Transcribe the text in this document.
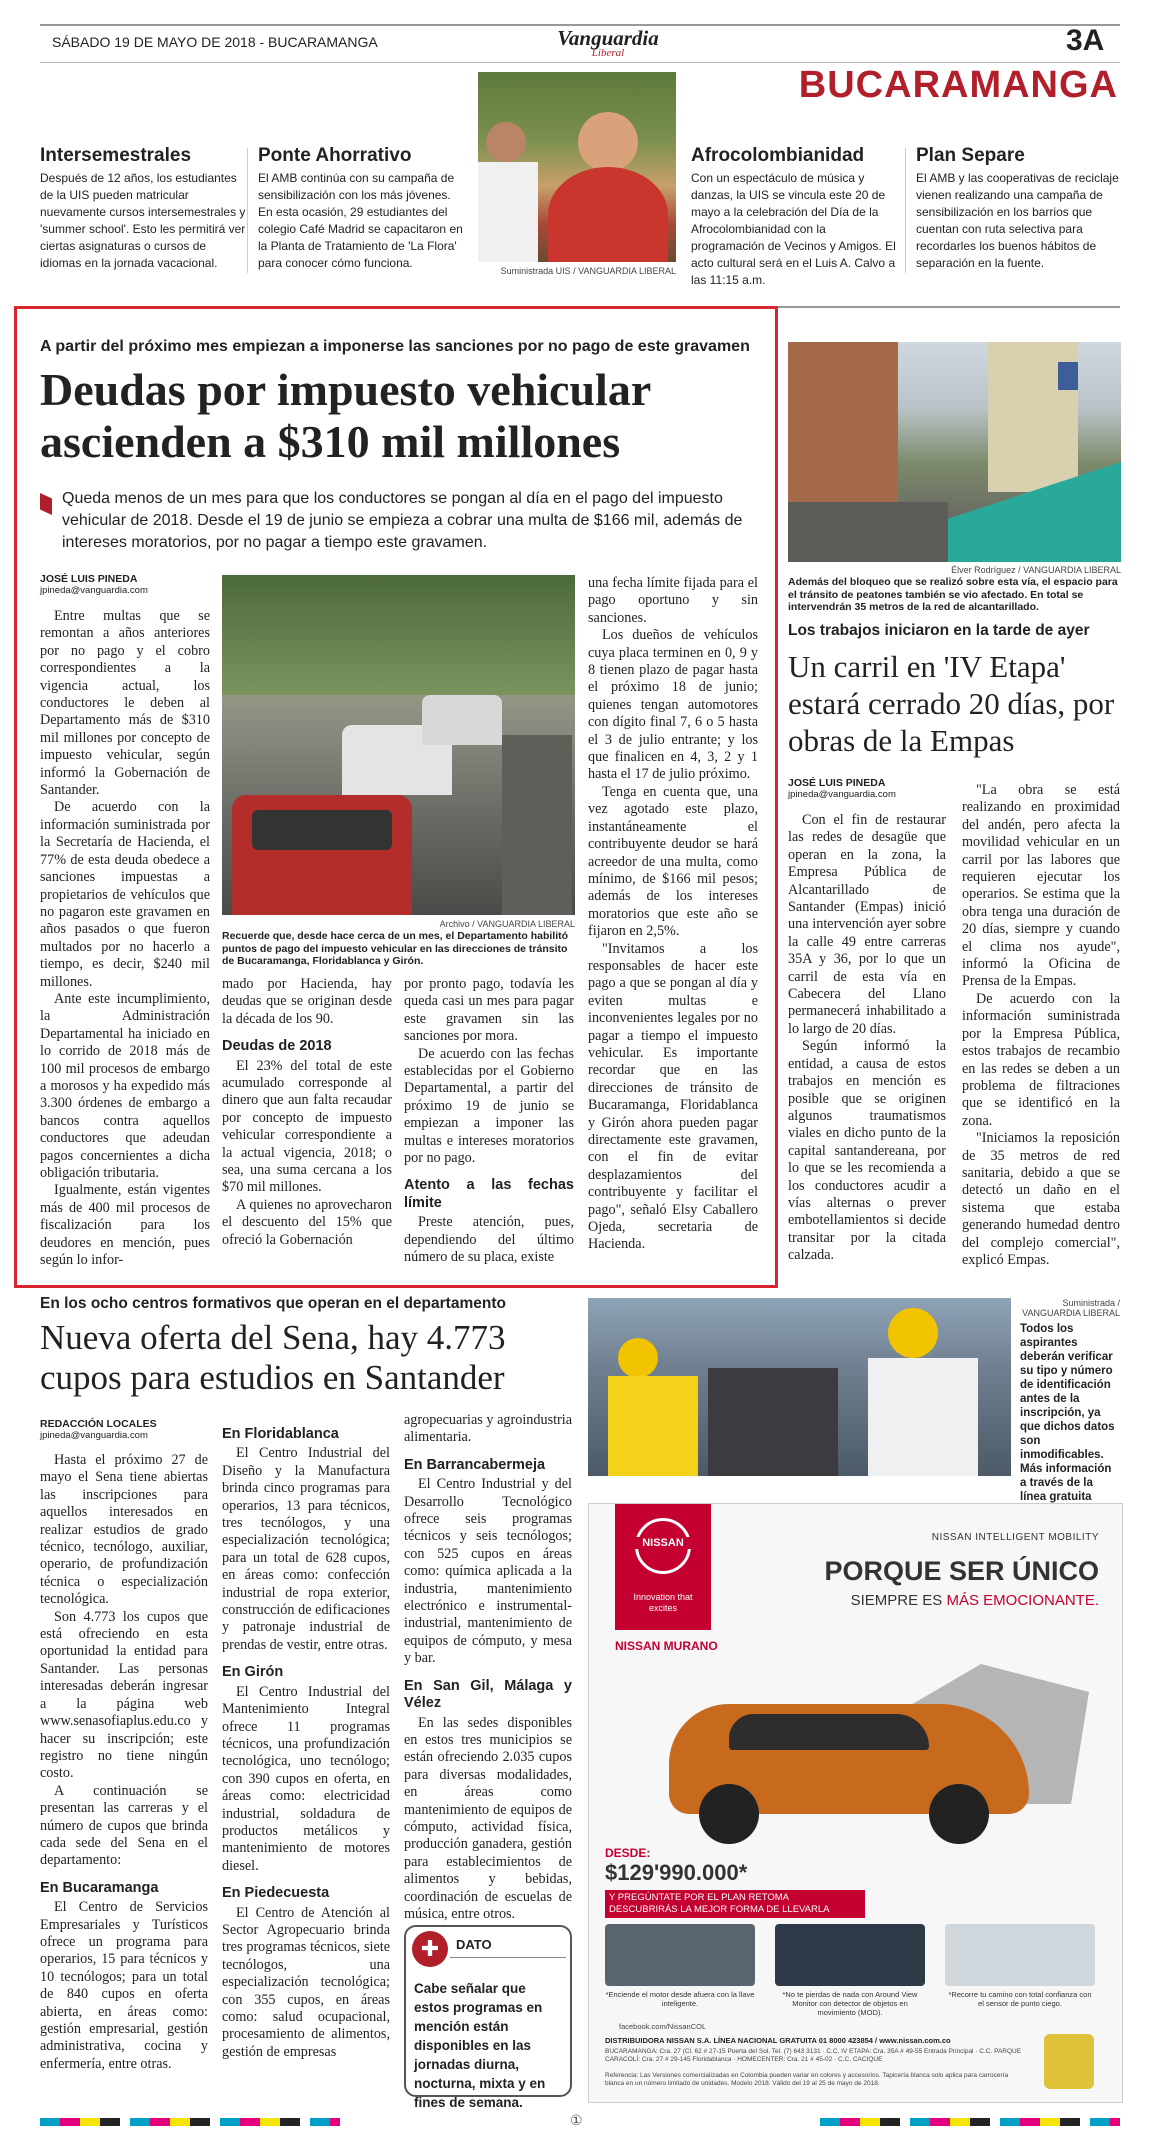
SÁBADO 19 DE MAYO DE 2018 - BUCARAMANGA	Vanguardia
Liberal	3A
BUCARAMANGA
Intersemestrales
Después de 12 años, los estudiantes de la UIS pueden matricular nuevamente cursos intersemestrales y 'summer school'. Esto les permitirá ver ciertas asignaturas o cursos de idiomas en la jornada vacacional.
Ponte Ahorrativo
El AMB continúa con su campaña de sensibilización con los más jóvenes. En esta ocasión, 29 estudiantes del colegio Café Madrid se capacitaron en la Planta de Tratamiento de 'La Flora' para conocer cómo funciona.
Suministrada UIS / VANGUARDIA LIBERAL
Afrocolombianidad
Con un espectáculo de música y danzas, la UIS se vincula este 20 de mayo a la celebración del Día de la Afrocolombianidad con la programación de Vecinos y Amigos. El acto cultural será en el Luis A. Calvo a las 11:15 a.m.
Plan Separe
El AMB y las cooperativas de reciclaje vienen realizando una campaña de sensibilización en los barrios que cuentan con ruta selectiva para recordarles los buenos hábitos de separación en la fuente.
A partir del próximo mes empiezan a imponerse las sanciones por no pago de este gravamen
Deudas por impuesto vehicular
ascienden a $310 mil millones
Queda menos de un mes para que los conductores se pongan al día en el pago del impuesto vehicular de 2018. Desde el 19 de junio se empieza a cobrar una multa de $166 mil, además de intereses moratorios, por no pagar a tiempo este gravamen.
JOSÉ LUIS PINEDA
jpineda@vanguardia.com

Entre multas que se remontan a años anteriores por no pago y el cobro correspondientes a la vigencia actual, los conductores le deben al Departamento más de $310 mil millones por concepto de impuesto vehicular, según informó la Gobernación de Santander.

De acuerdo con la información suministrada por la Secretaría de Hacienda, el 77% de esta deuda obedece a sanciones impuestas a propietarios de vehículos que no pagaron este gravamen en años pasados o que fueron multados por no hacerlo a tiempo, es decir, $240 mil millones.

Ante este incumplimiento, la Administración Departamental ha iniciado en lo corrido de 2018 más de 100 mil procesos de embargo a morosos y ha expedido más 3.300 órdenes de embargo a bancos contra aquellos conductores que adeudan pagos concernientes a dicha obligación tributaria.

Igualmente, están vigentes más de 400 mil procesos de fiscalización para los deudores en mención, pues según lo infor-

Archivo / VANGUARDIA LIBERAL
Recuerde que, desde hace cerca de un mes, el Departamento habilitó puntos de pago del impuesto vehicular en las direcciones de tránsito de Bucaramanga, Floridablanca y Girón.

mado por Hacienda, hay deudas que se originan desde la década de los 90.

Deudas de 2018

El 23% del total de este acumulado corresponde al dinero que aun falta recaudar por concepto de impuesto vehicular correspondiente a la actual vigencia, 2018; o sea, una suma cercana a los $70 mil millones.

A quienes no aprovecharon el descuento del 15% que ofreció la Gobernación

por pronto pago, todavía les queda casi un mes para pagar este gravamen sin las sanciones por mora.

De acuerdo con las fechas establecidas por el Gobierno Departamental, a partir del próximo 19 de junio se empiezan a imponer las multas e intereses moratorios por no pago.

Atento a las fechas límite

Preste atención, pues, dependiendo del último número de su placa, existe

una fecha límite fijada para el pago oportuno y sin sanciones.

Los dueños de vehículos cuya placa terminen en 0, 9 y 8 tienen plazo de pagar hasta el próximo 18 de junio; quienes tengan automotores con dígito final 7, 6 o 5 hasta el 3 de julio entrante; y los que finalicen en 4, 3, 2 y 1 hasta el 17 de julio próximo.

Tenga en cuenta que, una vez agotado este plazo, instantáneamente el contribuyente deudor se hará acreedor de una multa, como mínimo, de $166 mil pesos; además de los intereses moratorios que este año se fijaron en 2,5%.

"Invitamos a los responsables de hacer este pago a que se pongan al día y eviten multas e inconvenientes legales por no pagar a tiempo el impuesto vehicular. Es importante recordar que en las direcciones de tránsito de Bucaramanga, Floridablanca y Girón ahora pueden pagar directamente este gravamen, con el fin de evitar desplazamientos del contribuyente y facilitar el pago", señaló Elsy Caballero Ojeda, secretaria de Hacienda.

Élver Rodríguez / VANGUARDIA LIBERAL
Además del bloqueo que se realizó sobre esta vía, el espacio para el tránsito de peatones también se vio afectado. En total se intervendrán 35 metros de la red de alcantarillado.
Los trabajos iniciaron en la tarde de ayer
Un carril en 'IV Etapa' estará cerrado 20 días, por obras de la Empas
JOSÉ LUIS PINEDA
jpineda@vanguardia.com

Con el fin de restaurar las redes de desagüe que operan en la zona, la Empresa Pública de Alcantarillado de Santander (Empas) inició una intervención ayer sobre la calle 49 entre carreras 35A y 36, por lo que un carril de esta vía en Cabecera del Llano permanecerá inhabilitado a lo largo de 20 días.

Según informó la entidad, a causa de estos trabajos en mención es posible que se originen algunos traumatismos viales en dicho punto de la capital santandereana, por lo que se les recomienda a los conductores acudir a vías alternas o prever embotellamientos si decide transitar por la citada calzada.

"La obra se está realizando en proximidad del andén, pero afecta la movilidad vehicular en un carril por las labores que requieren ejecutar los operarios. Se estima que la obra tenga una duración de 20 días, siempre y cuando el clima nos ayude", informó la Oficina de Prensa de la Empas.

De acuerdo con la información suministrada por la Empresa Pública, estos trabajos de recambio en las redes se deben a un problema de filtraciones que se identificó en la zona.

"Iniciamos la reposición de 35 metros de red sanitaria, debido a que se detectó un daño en el sistema que estaba generando humedad dentro del complejo comercial", explicó Empas.

En los ocho centros formativos que operan en el departamento
Nueva oferta del Sena, hay 4.773
cupos para estudios en Santander
REDACCIÓN LOCALES
jpineda@vanguardia.com

Hasta el próximo 27 de mayo el Sena tiene abiertas las inscripciones para aquellos interesados en realizar estudios de grado técnico, tecnólogo, auxiliar, operario, de profundización técnica o especialización tecnológica.

Son 4.773 los cupos que está ofreciendo en esta oportunidad la entidad para Santander. Las personas interesadas deberán ingresar a la página web www.senasofiaplus.edu.co y hacer su inscripción; este registro no tiene ningún costo.

A continuación se presentan las carreras y el número de cupos que brinda cada sede del Sena en el departamento:

En Bucaramanga

El Centro de Servicios Empresariales y Turísticos ofrece un programa para operarios, 15 para técnicos y 10 tecnólogos; para un total de 840 cupos en oferta abierta, en áreas como: gestión empresarial, gestión administrativa, cocina y enfermería, entre otras.

En Floridablanca

El Centro Industrial del Diseño y la Manufactura brinda cinco programas para operarios, 13 para técnicos, tres tecnólogos, y una especialización tecnológica; para un total de 628 cupos, en áreas como: confección industrial de ropa exterior, construcción de edificaciones y patronaje industrial de prendas de vestir, entre otras.

En Girón

El Centro Industrial del Mantenimiento Integral ofrece 11 programas técnicos, una profundización tecnológica, uno tecnólogo; con 390 cupos en oferta, en áreas como: electricidad industrial, soldadura de productos metálicos y mantenimiento de motores diesel.

En Piedecuesta

El Centro de Atención al Sector Agropecuario brinda tres programas técnicos, siete tecnólogos, una especialización tecnológica; con 355 cupos, en áreas como: salud ocupacional, procesamiento de alimentos, gestión de empresas

agropecuarias y agroindustria alimentaria.

En Barrancabermeja

El Centro Industrial y del Desarrollo Tecnológico ofrece seis programas técnicos y seis tecnólogos; con 525 cupos en áreas como: química aplicada a la industria, mantenimiento electrónico e instrumental-industrial, mantenimiento de equipos de cómputo, y mesa y bar.

En San Gil, Málaga y Vélez

En las sedes disponibles en estos tres municipios se están ofreciendo 2.035 cupos para diversas modalidades, en áreas como mantenimiento de equipos de cómputo, actividad física, producción ganadera, gestión para establecimientos de alimentos y bebidas, coordinación de escuelas de música, entre otros.

✚	DATO
Cabe señalar que estos programas en mención están disponibles en las jornadas diurna, nocturna, mixta y en fines de semana.
Suministrada / VANGUARDIA LIBERAL
Todos los aspirantes deberán verificar su tipo y número de identificación antes de la inscripción, ya que dichos datos son inmodificables. Más información a través de la línea gratuita
NISSAN
Innovation that excites
NISSAN MURANO
NISSAN INTELLIGENT MOBILITY
PORQUE SER ÚNICO
SIEMPRE ES MÁS EMOCIONANTE.
DESDE:
$129'990.000*
Y PREGÚNTATE POR EL PLAN RETOMA
DESCUBRIRÁS LA MEJOR FORMA DE LLEVARLA
*Enciende el motor desde afuera con la llave inteligente.
*No te pierdas de nada con Around View Monitor con detector de objetos en movimiento (MOD).
*Recorre tu camino con total confianza con el sensor de punto ciego.
facebook.com/NissanCOL
DISTRIBUIDORA NISSAN S.A. LÍNEA NACIONAL GRATUITA 01 8000 423854 / www.nissan.com.co
BUCARAMANGA: Cra. 27 (Cl. 62 # 27-15 Puerta del Sol. Tel. (7) 643 3131 · C.C. IV ETAPA: Cra. 35A # 49-55 Entrada Principal · C.C. PARQUE CARACOLÍ: Cra. 27 # 29-145 Floridablanca · HOMECENTER: Cra. 21 # 45-02 · C.C. CACIQUE
Referencia: Las Versiones comercializadas en Colombia pueden variar en colores y accesorios. Tapicería blanca solo aplica para carrocería blanca en un número limitado de unidades. Modelo 2018. Válido del 19 al 25 de mayo de 2018.
①
